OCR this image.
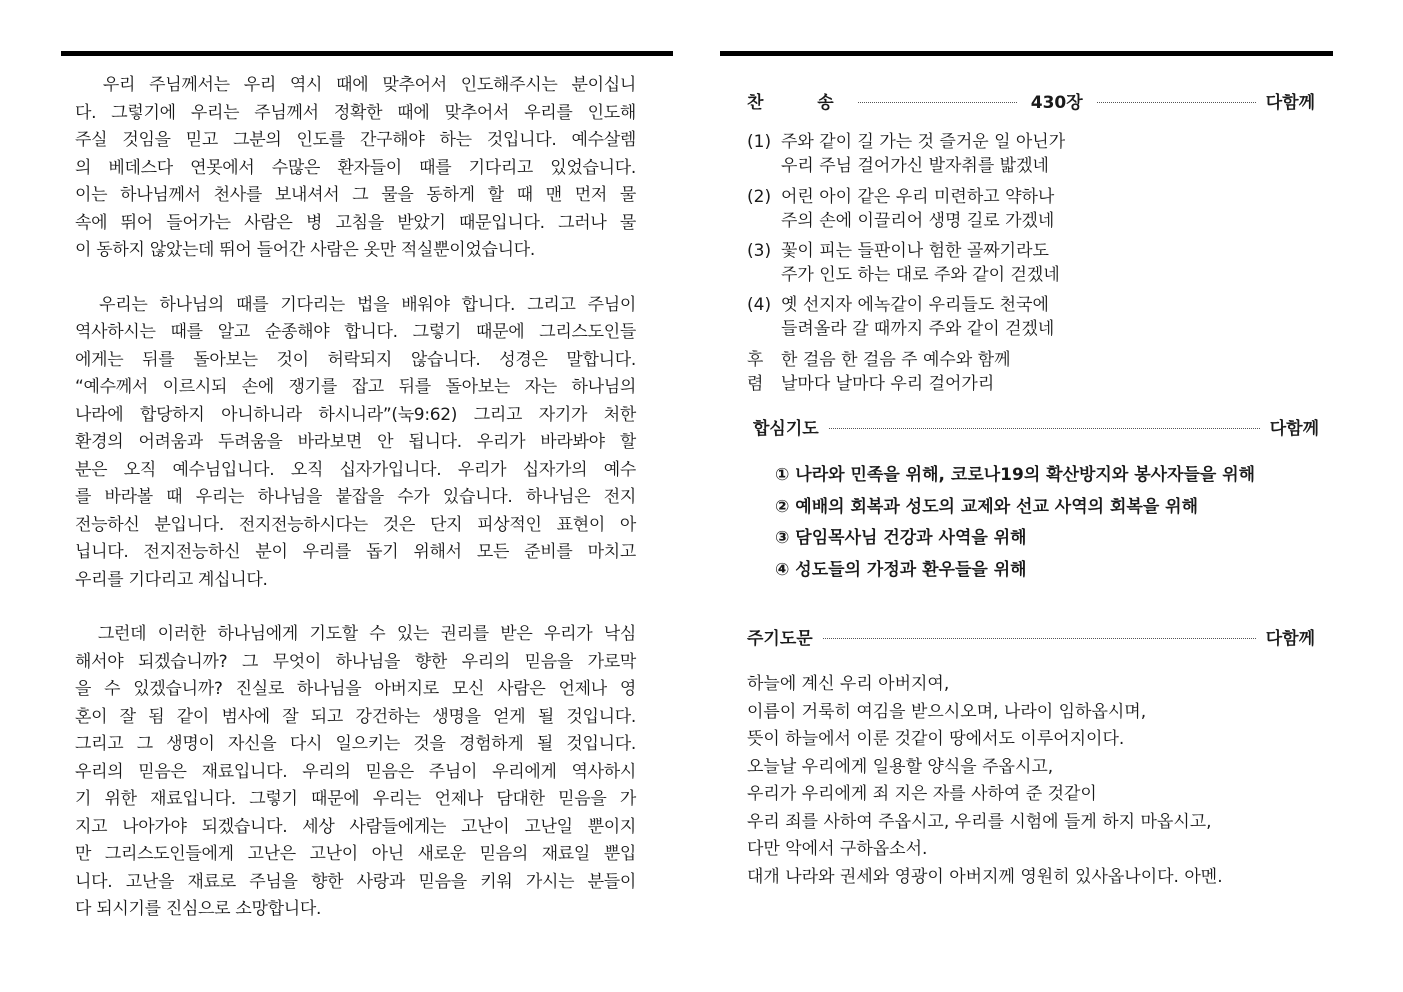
우리 주님께서는 우리 역시 때에 맞추어서 인도해주시는 분이십니
다. 그렇기에 우리는 주님께서 정확한 때에 맞추어서 우리를 인도해
주실 것임을 믿고 그분의 인도를 간구해야 하는 것입니다. 예수살렘
의 베데스다 연못에서 수많은 환자들이 때를 기다리고 있었습니다.
이는 하나님께서 천사를 보내셔서 그 물을 동하게 할 때 맨 먼저 물
속에 뛰어 들어가는 사람은 병 고침을 받았기 때문입니다. 그러나 물
이 동하지 않았는데 뛰어 들어간 사람은 옷만 적실뿐이었습니다.
우리는 하나님의 때를 기다리는 법을 배워야 합니다. 그리고 주님이
역사하시는 때를 알고 순종해야 합니다. 그렇기 때문에 그리스도인들
에게는 뒤를 돌아보는 것이 허락되지 않습니다. 성경은 말합니다.
“예수께서 이르시되 손에 쟁기를 잡고 뒤를 돌아보는 자는 하나님의
나라에 합당하지 아니하니라 하시니라”(눅9:62) 그리고 자기가 처한
환경의 어려움과 두려움을 바라보면 안 됩니다. 우리가 바라봐야 할
분은 오직 예수님입니다. 오직 십자가입니다. 우리가 십자가의 예수
를 바라볼 때 우리는 하나님을 붙잡을 수가 있습니다. 하나님은 전지
전능하신 분입니다. 전지전능하시다는 것은 단지 피상적인 표현이 아
닙니다. 전지전능하신 분이 우리를 돕기 위해서 모든 준비를 마치고
우리를 기다리고 계십니다.
그런데 이러한 하나님에게 기도할 수 있는 권리를 받은 우리가 낙심
해서야 되겠습니까? 그 무엇이 하나님을 향한 우리의 믿음을 가로막
을 수 있겠습니까? 진실로 하나님을 아버지로 모신 사람은 언제나 영
혼이 잘 됨 같이 범사에 잘 되고 강건하는 생명을 얻게 될 것입니다.
그리고 그 생명이 자신을 다시 일으키는 것을 경험하게 될 것입니다.
우리의 믿음은 재료입니다. 우리의 믿음은 주님이 우리에게 역사하시
기 위한 재료입니다. 그렇기 때문에 우리는 언제나 담대한 믿음을 가
지고 나아가야 되겠습니다. 세상 사람들에게는 고난이 고난일 뿐이지
만 그리스도인들에게 고난은 고난이 아닌 새로운 믿음의 재료일 뿐입
니다. 고난을 재료로 주님을 향한 사랑과 믿음을 키워 가시는 분들이
다 되시기를 진심으로 소망합니다.
찬  송	430장	다함께
(1) 주와 같이 길 가는 것 즐거운 일 아닌가
우리 주님 걸어가신 발자취를 밟겠네
(2) 어린 아이 같은 우리 미련하고 약하나
주의 손에 이끌리어 생명 길로 가겠네
(3) 꽃이 피는 들판이나 험한 골짜기라도
주가 인도 하는 대로 주와 같이 걷겠네
(4) 옛 선지자 에녹같이 우리들도 천국에
들려올라 갈 때까지 주와 같이 걷겠네
후 한 걸음 한 걸음 주 예수와 함께
렴 날마다 날마다 우리 걸어가리
합심기도	다함께
① 나라와 민족을 위해, 코로나19의 확산방지와 봉사자들을 위해
② 예배의 회복과 성도의 교제와 선교 사역의 회복을 위해
③ 담임목사님 건강과 사역을 위해
④ 성도들의 가정과 환우들을 위해
주기도문	다함께
하늘에 계신 우리 아버지여,
이름이 거룩히 여김을 받으시오며, 나라이 임하옵시며,
뜻이 하늘에서 이룬 것같이 땅에서도 이루어지이다.
오늘날 우리에게 일용할 양식을 주옵시고,
우리가 우리에게 죄 지은 자를 사하여 준 것같이
우리 죄를 사하여 주옵시고, 우리를 시험에 들게 하지 마옵시고,
다만 악에서 구하옵소서.
대개 나라와 권세와 영광이 아버지께 영원히 있사옵나이다. 아멘.
